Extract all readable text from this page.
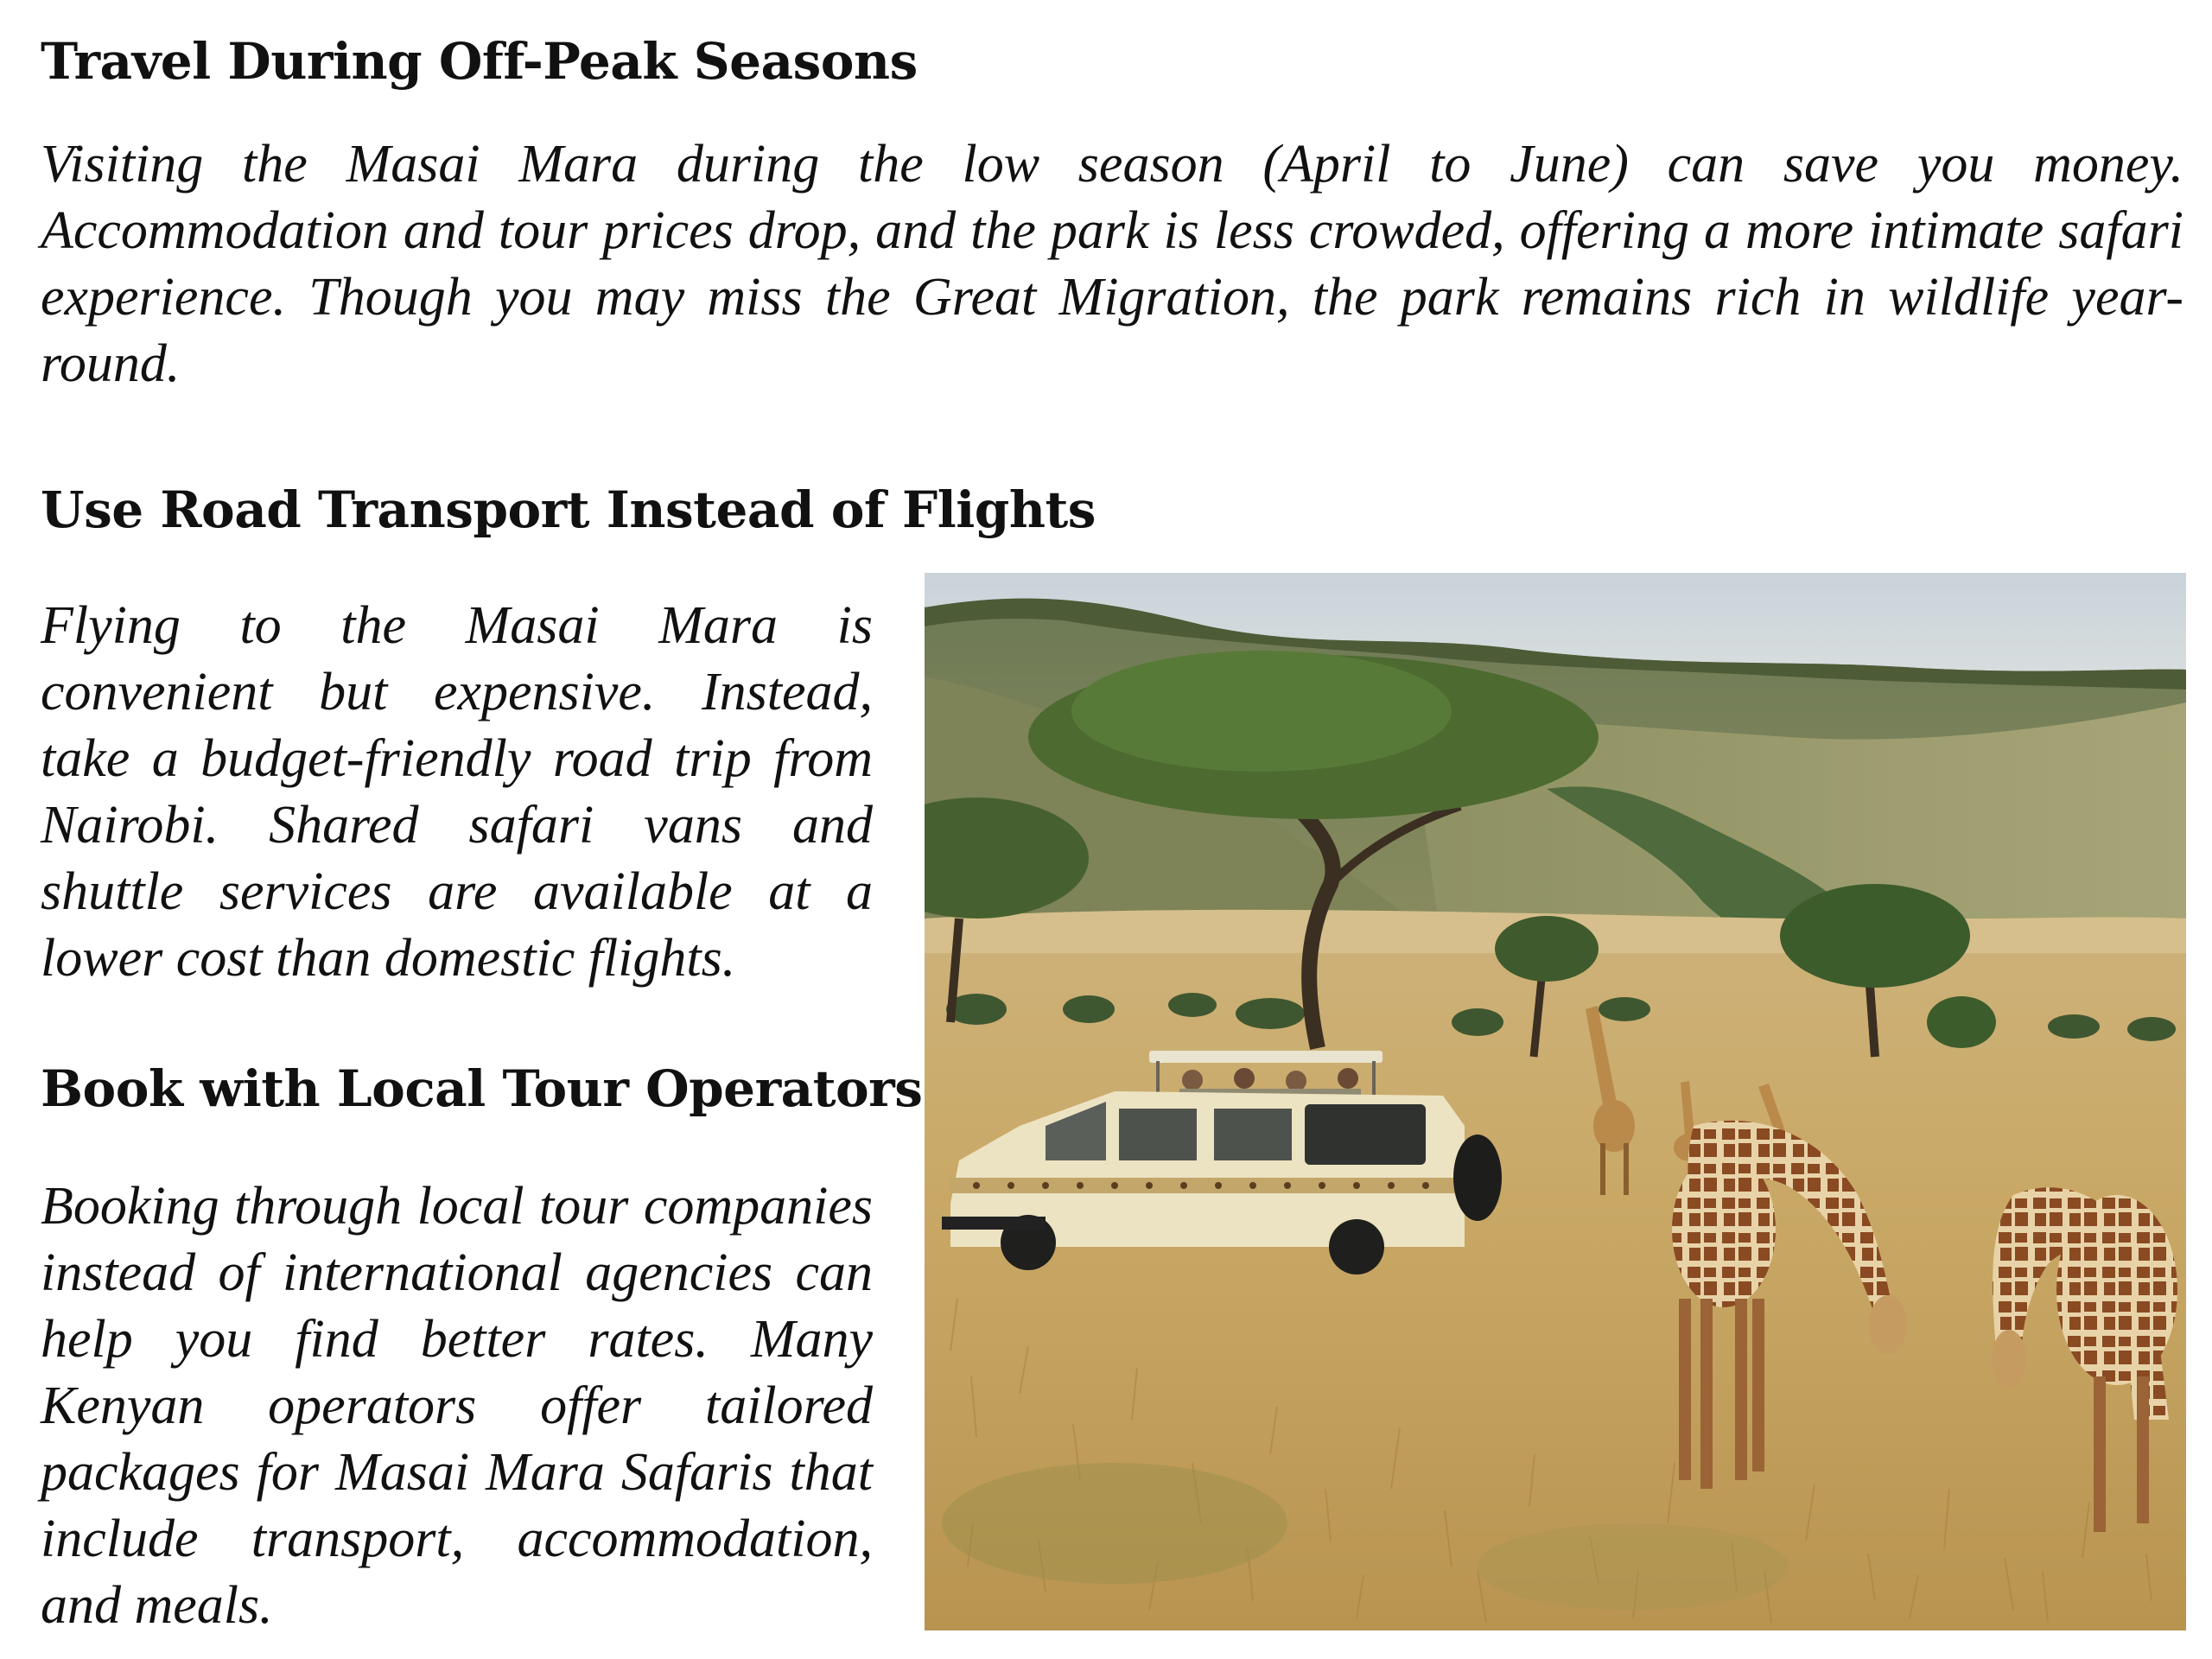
Travel During Off-Peak Seasons

Visiting the Masai Mara during the low season (April to June) can save you money. Accommodation and tour prices drop, and the park is less crowded, offering a more intimate safari experience. Though you may miss the Great Migration, the park remains rich in wildlife year-round.

Use Road Transport Instead of Flights

Flying to the Masai Mara is convenient but expensive. Instead, take a budget-friendly road trip from Nairobi. Shared safari vans and shuttle services are available at a lower cost than domestic flights.

Book with Local Tour Operators

Booking through local tour companies instead of international agencies can help you find better rates. Many Kenyan operators offer tailored packages for Masai Mara Safaris that include transport, accommodation, and meals.
